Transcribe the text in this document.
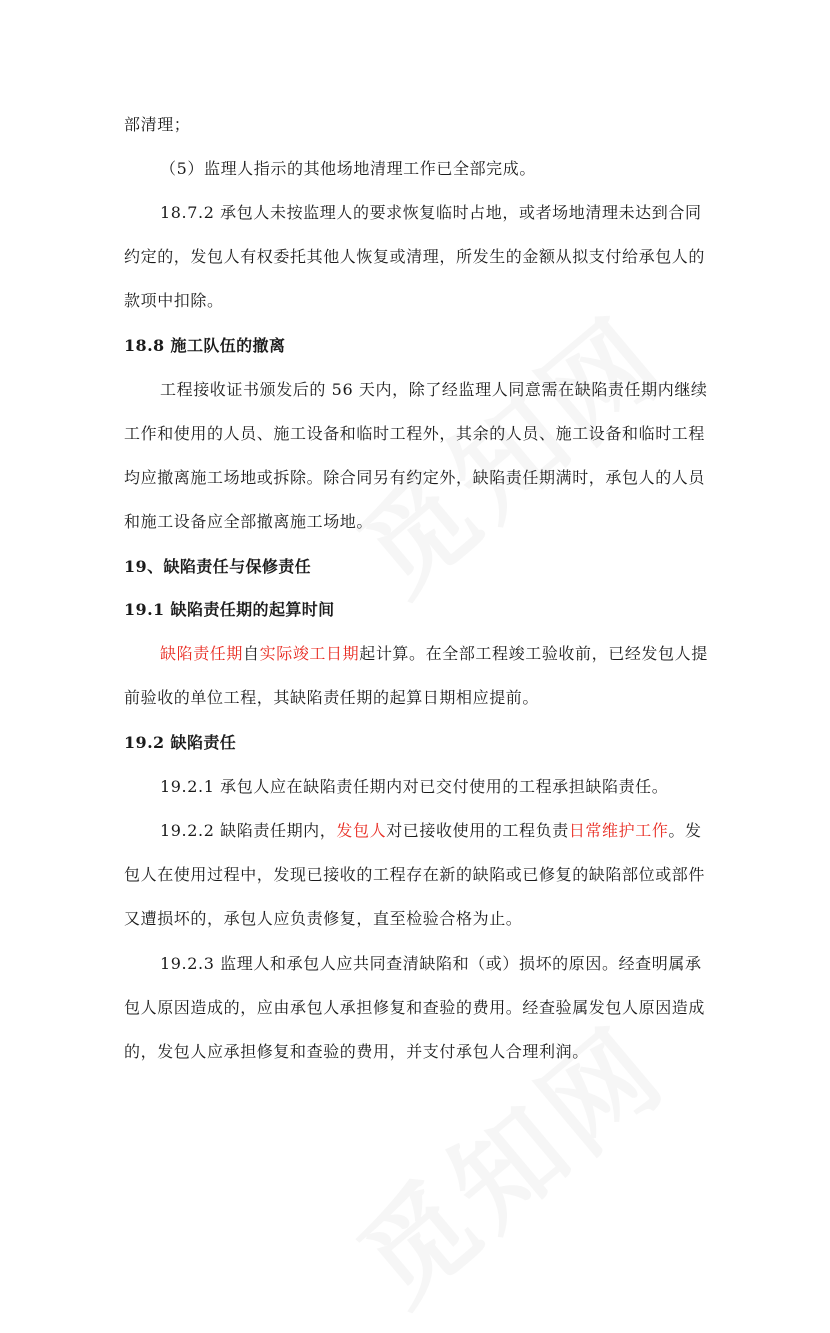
部清理；
（5）监理人指示的其他场地清理工作已全部完成。
18.7.2 承包人未按监理人的要求恢复临时占地，或者场地清理未达到合同
约定的，发包人有权委托其他人恢复或清理，所发生的金额从拟支付给承包人的
款项中扣除。
18.8 施工队伍的撤离
工程接收证书颁发后的 56 天内，除了经监理人同意需在缺陷责任期内继续
工作和使用的人员、施工设备和临时工程外，其余的人员、施工设备和临时工程
均应撤离施工场地或拆除。除合同另有约定外，缺陷责任期满时，承包人的人员
和施工设备应全部撤离施工场地。
19、缺陷责任与保修责任
19.1 缺陷责任期的起算时间
缺陷责任期自实际竣工日期起计算。在全部工程竣工验收前，已经发包人提
前验收的单位工程，其缺陷责任期的起算日期相应提前。
19.2 缺陷责任
19.2.1 承包人应在缺陷责任期内对已交付使用的工程承担缺陷责任。
19.2.2 缺陷责任期内，发包人对已接收使用的工程负责日常维护工作。发
包人在使用过程中，发现已接收的工程存在新的缺陷或已修复的缺陷部位或部件
又遭损坏的，承包人应负责修复，直至检验合格为止。
19.2.3 监理人和承包人应共同查清缺陷和（或）损坏的原因。经查明属承
包人原因造成的，应由承包人承担修复和查验的费用。经查验属发包人原因造成
的，发包人应承担修复和查验的费用，并支付承包人合理利润。
